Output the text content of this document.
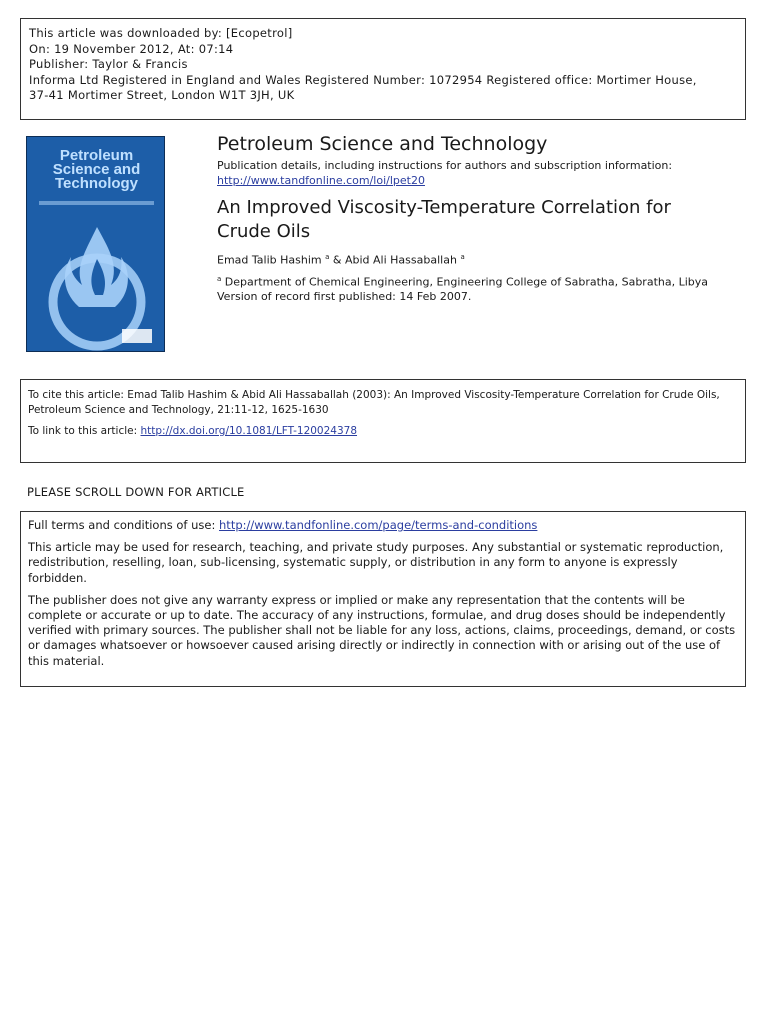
This article was downloaded by: [Ecopetrol]
On: 19 November 2012, At: 07:14
Publisher: Taylor & Francis
Informa Ltd Registered in England and Wales Registered Number: 1072954 Registered office: Mortimer House,
37-41 Mortimer Street, London W1T 3JH, UK
Petroleum
Science and
Technology
Petroleum Science and Technology
Publication details, including instructions for authors and subscription information:
http://www.tandfonline.com/loi/lpet20
An Improved Viscosity-Temperature Correlation for
Crude Oils
Emad Talib Hashim $^a$ & Abid Ali Hassaballah $^a$
$^a$ Department of Chemical Engineering, Engineering College of Sabratha, Sabratha, Libya
Version of record first published: 14 Feb 2007.
To cite this article: Emad Talib Hashim & Abid Ali Hassaballah (2003): An Improved Viscosity-Temperature Correlation for Crude Oils, Petroleum Science and Technology, 21:11-12, 1625-1630
To link to this article: http://dx.doi.org/10.1081/LFT-120024378
PLEASE SCROLL DOWN FOR ARTICLE

Full terms and conditions of use: http://www.tandfonline.com/page/terms-and-conditions

This article may be used for research, teaching, and private study purposes. Any substantial or systematic reproduction, redistribution, reselling, loan, sub-licensing, systematic supply, or distribution in any form to anyone is expressly forbidden.

The publisher does not give any warranty express or implied or make any representation that the contents will be complete or accurate or up to date. The accuracy of any instructions, formulae, and drug doses should be independently verified with primary sources. The publisher shall not be liable for any loss, actions, claims, proceedings, demand, or costs or damages whatsoever or howsoever caused arising directly or indirectly in connection with or arising out of the use of this material.
